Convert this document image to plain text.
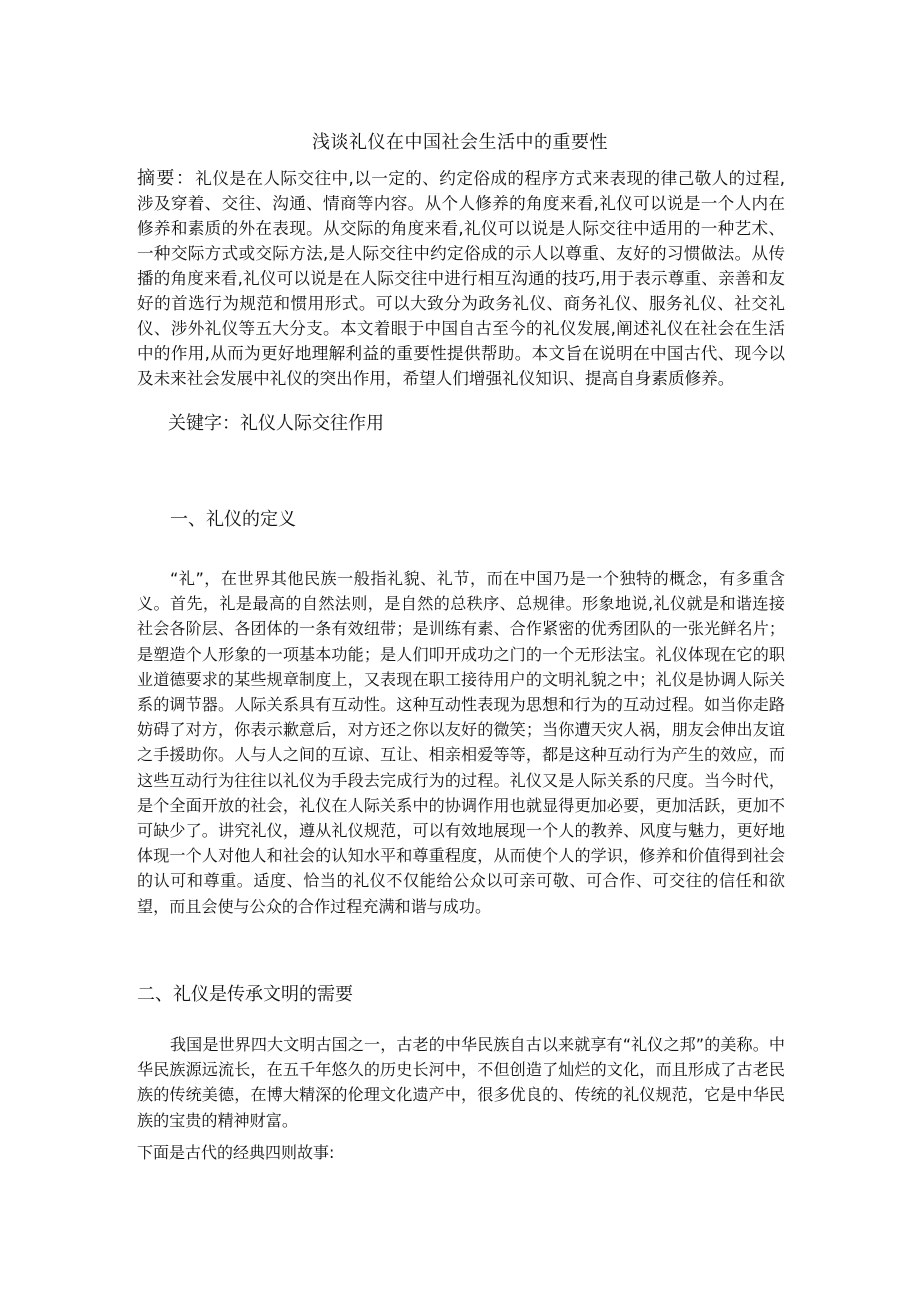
浅谈礼仪在中国社会生活中的重要性
摘要：礼仪是在人际交往中,以一定的、约定俗成的程序方式来表现的律己敬人的过程,涉及穿着、交往、沟通、情商等内容。从个人修养的角度来看,礼仪可以说是一个人内在修养和素质的外在表现。从交际的角度来看,礼仪可以说是人际交往中适用的一种艺术、一种交际方式或交际方法,是人际交往中约定俗成的示人以尊重、友好的习惯做法。从传播的角度来看,礼仪可以说是在人际交往中进行相互沟通的技巧,用于表示尊重、亲善和友好的首选行为规范和惯用形式。可以大致分为政务礼仪、商务礼仪、服务礼仪、社交礼仪、涉外礼仪等五大分支。本文着眼于中国自古至今的礼仪发展,阐述礼仪在社会在生活中的作用,从而为更好地理解利益的重要性提供帮助。本文旨在说明在中国古代、现今以及未来社会发展中礼仪的突出作用，希望人们增强礼仪知识、提高自身素质修养。
关键字：礼仪人际交往作用
一、礼仪的定义
“礼”，在世界其他民族一般指礼貌、礼节，而在中国乃是一个独特的概念，有多重含义。首先，礼是最高的自然法则，是自然的总秩序、总规律。形象地说,礼仪就是和谐连接社会各阶层、各团体的一条有效纽带；是训练有素、合作紧密的优秀团队的一张光鲜名片；是塑造个人形象的一项基本功能；是人们叩开成功之门的一个无形法宝。礼仪体现在它的职业道德要求的某些规章制度上，又表现在职工接待用户的文明礼貌之中；礼仪是协调人际关系的调节器。人际关系具有互动性。这种互动性表现为思想和行为的互动过程。如当你走路妨碍了对方，你表示歉意后，对方还之你以友好的微笑；当你遭天灾人祸，朋友会伸出友谊之手援助你。人与人之间的互谅、互让、相亲相爱等等，都是这种互动行为产生的效应，而这些互动行为往往以礼仪为手段去完成行为的过程。礼仪又是人际关系的尺度。当今时代，是个全面开放的社会，礼仪在人际关系中的协调作用也就显得更加必要，更加活跃，更加不可缺少了。讲究礼仪，遵从礼仪规范，可以有效地展现一个人的教养、风度与魅力，更好地体现一个人对他人和社会的认知水平和尊重程度，从而使个人的学识，修养和价值得到社会的认可和尊重。适度、恰当的礼仪不仅能给公众以可亲可敬、可合作、可交往的信任和欲望，而且会使与公众的合作过程充满和谐与成功。
二、礼仪是传承文明的需要
我国是世界四大文明古国之一，古老的中华民族自古以来就享有“礼仪之邦”的美称。中华民族源远流长，在五千年悠久的历史长河中，不但创造了灿烂的文化，而且形成了古老民族的传统美德，在博大精深的伦理文化遗产中，很多优良的、传统的礼仪规范，它是中华民族的宝贵的精神财富。
下面是古代的经典四则故事:
